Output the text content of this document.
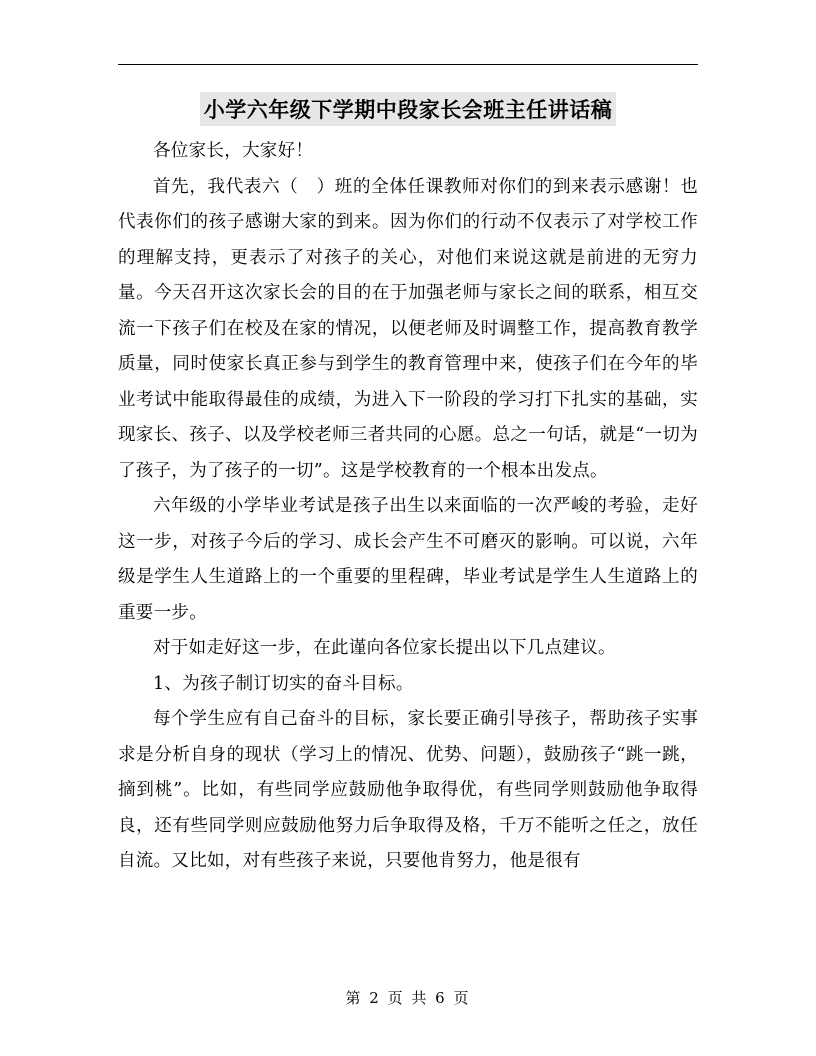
小学六年级下学期中段家长会班主任讲话稿

各位家长，大家好！

首先，我代表六（　）班的全体任课教师对你们的到来表示感谢！也代表你们的孩子感谢大家的到来。因为你们的行动不仅表示了对学校工作的理解支持，更表示了对孩子的关心，对他们来说这就是前进的无穷力量。今天召开这次家长会的目的在于加强老师与家长之间的联系，相互交流一下孩子们在校及在家的情况，以便老师及时调整工作，提高教育教学质量，同时使家长真正参与到学生的教育管理中来，使孩子们在今年的毕业考试中能取得最佳的成绩，为进入下一阶段的学习打下扎实的基础，实现家长、孩子、以及学校老师三者共同的心愿。总之一句话，就是“一切为了孩子，为了孩子的一切”。这是学校教育的一个根本出发点。

六年级的小学毕业考试是孩子出生以来面临的一次严峻的考验，走好这一步，对孩子今后的学习、成长会产生不可磨灭的影响。可以说，六年级是学生人生道路上的一个重要的里程碑，毕业考试是学生人生道路上的重要一步。

对于如走好这一步，在此谨向各位家长提出以下几点建议。

1、为孩子制订切实的奋斗目标。

每个学生应有自己奋斗的目标，家长要正确引导孩子，帮助孩子实事求是分析自身的现状（学习上的情况、优势、问题），鼓励孩子“跳一跳，摘到桃”。比如，有些同学应鼓励他争取得优，有些同学则鼓励他争取得良，还有些同学则应鼓励他努力后争取得及格，千万不能听之任之，放任自流。又比如，对有些孩子来说，只要他肯努力，他是很有

第 2 页 共 6 页
